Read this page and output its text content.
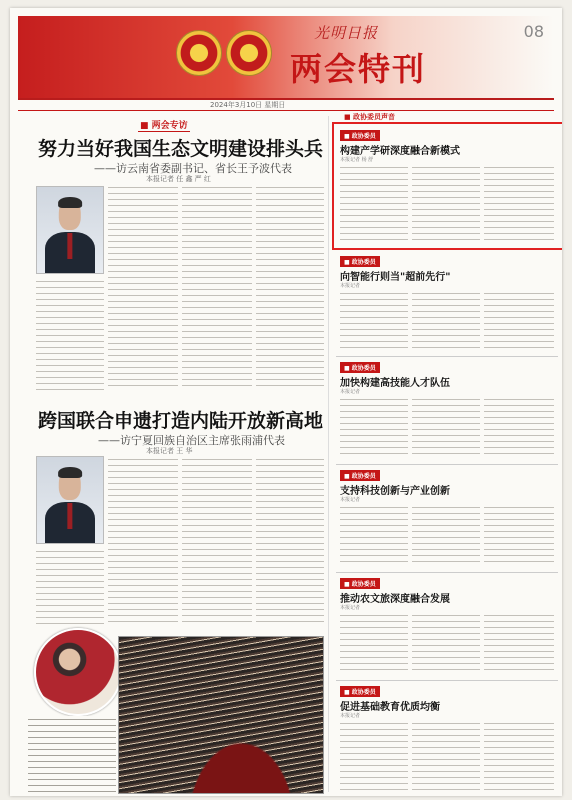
光明日报
两会特刊
08
2024年3月10日 星期日
■ 两会专访
努力当好我国生态文明建设排头兵
——访云南省委副书记、省长王予波代表
本报记者 任 鑫 严 红
跨国联合申遗打造内陆开放新高地
——访宁夏回族自治区主席张雨浦代表
本报记者 王 华
■ 政协委员声音
■ 政协委员
构建产学研深度融合新模式
本报记者 杨 舒
■ 政协委员
向智能行则当"超前先行"
本报记者
■ 政协委员
加快构建高技能人才队伍
本报记者
■ 政协委员
支持科技创新与产业创新
本报记者
■ 政协委员
推动农文旅深度融合发展
本报记者
■ 政协委员
促进基础教育优质均衡
本报记者
